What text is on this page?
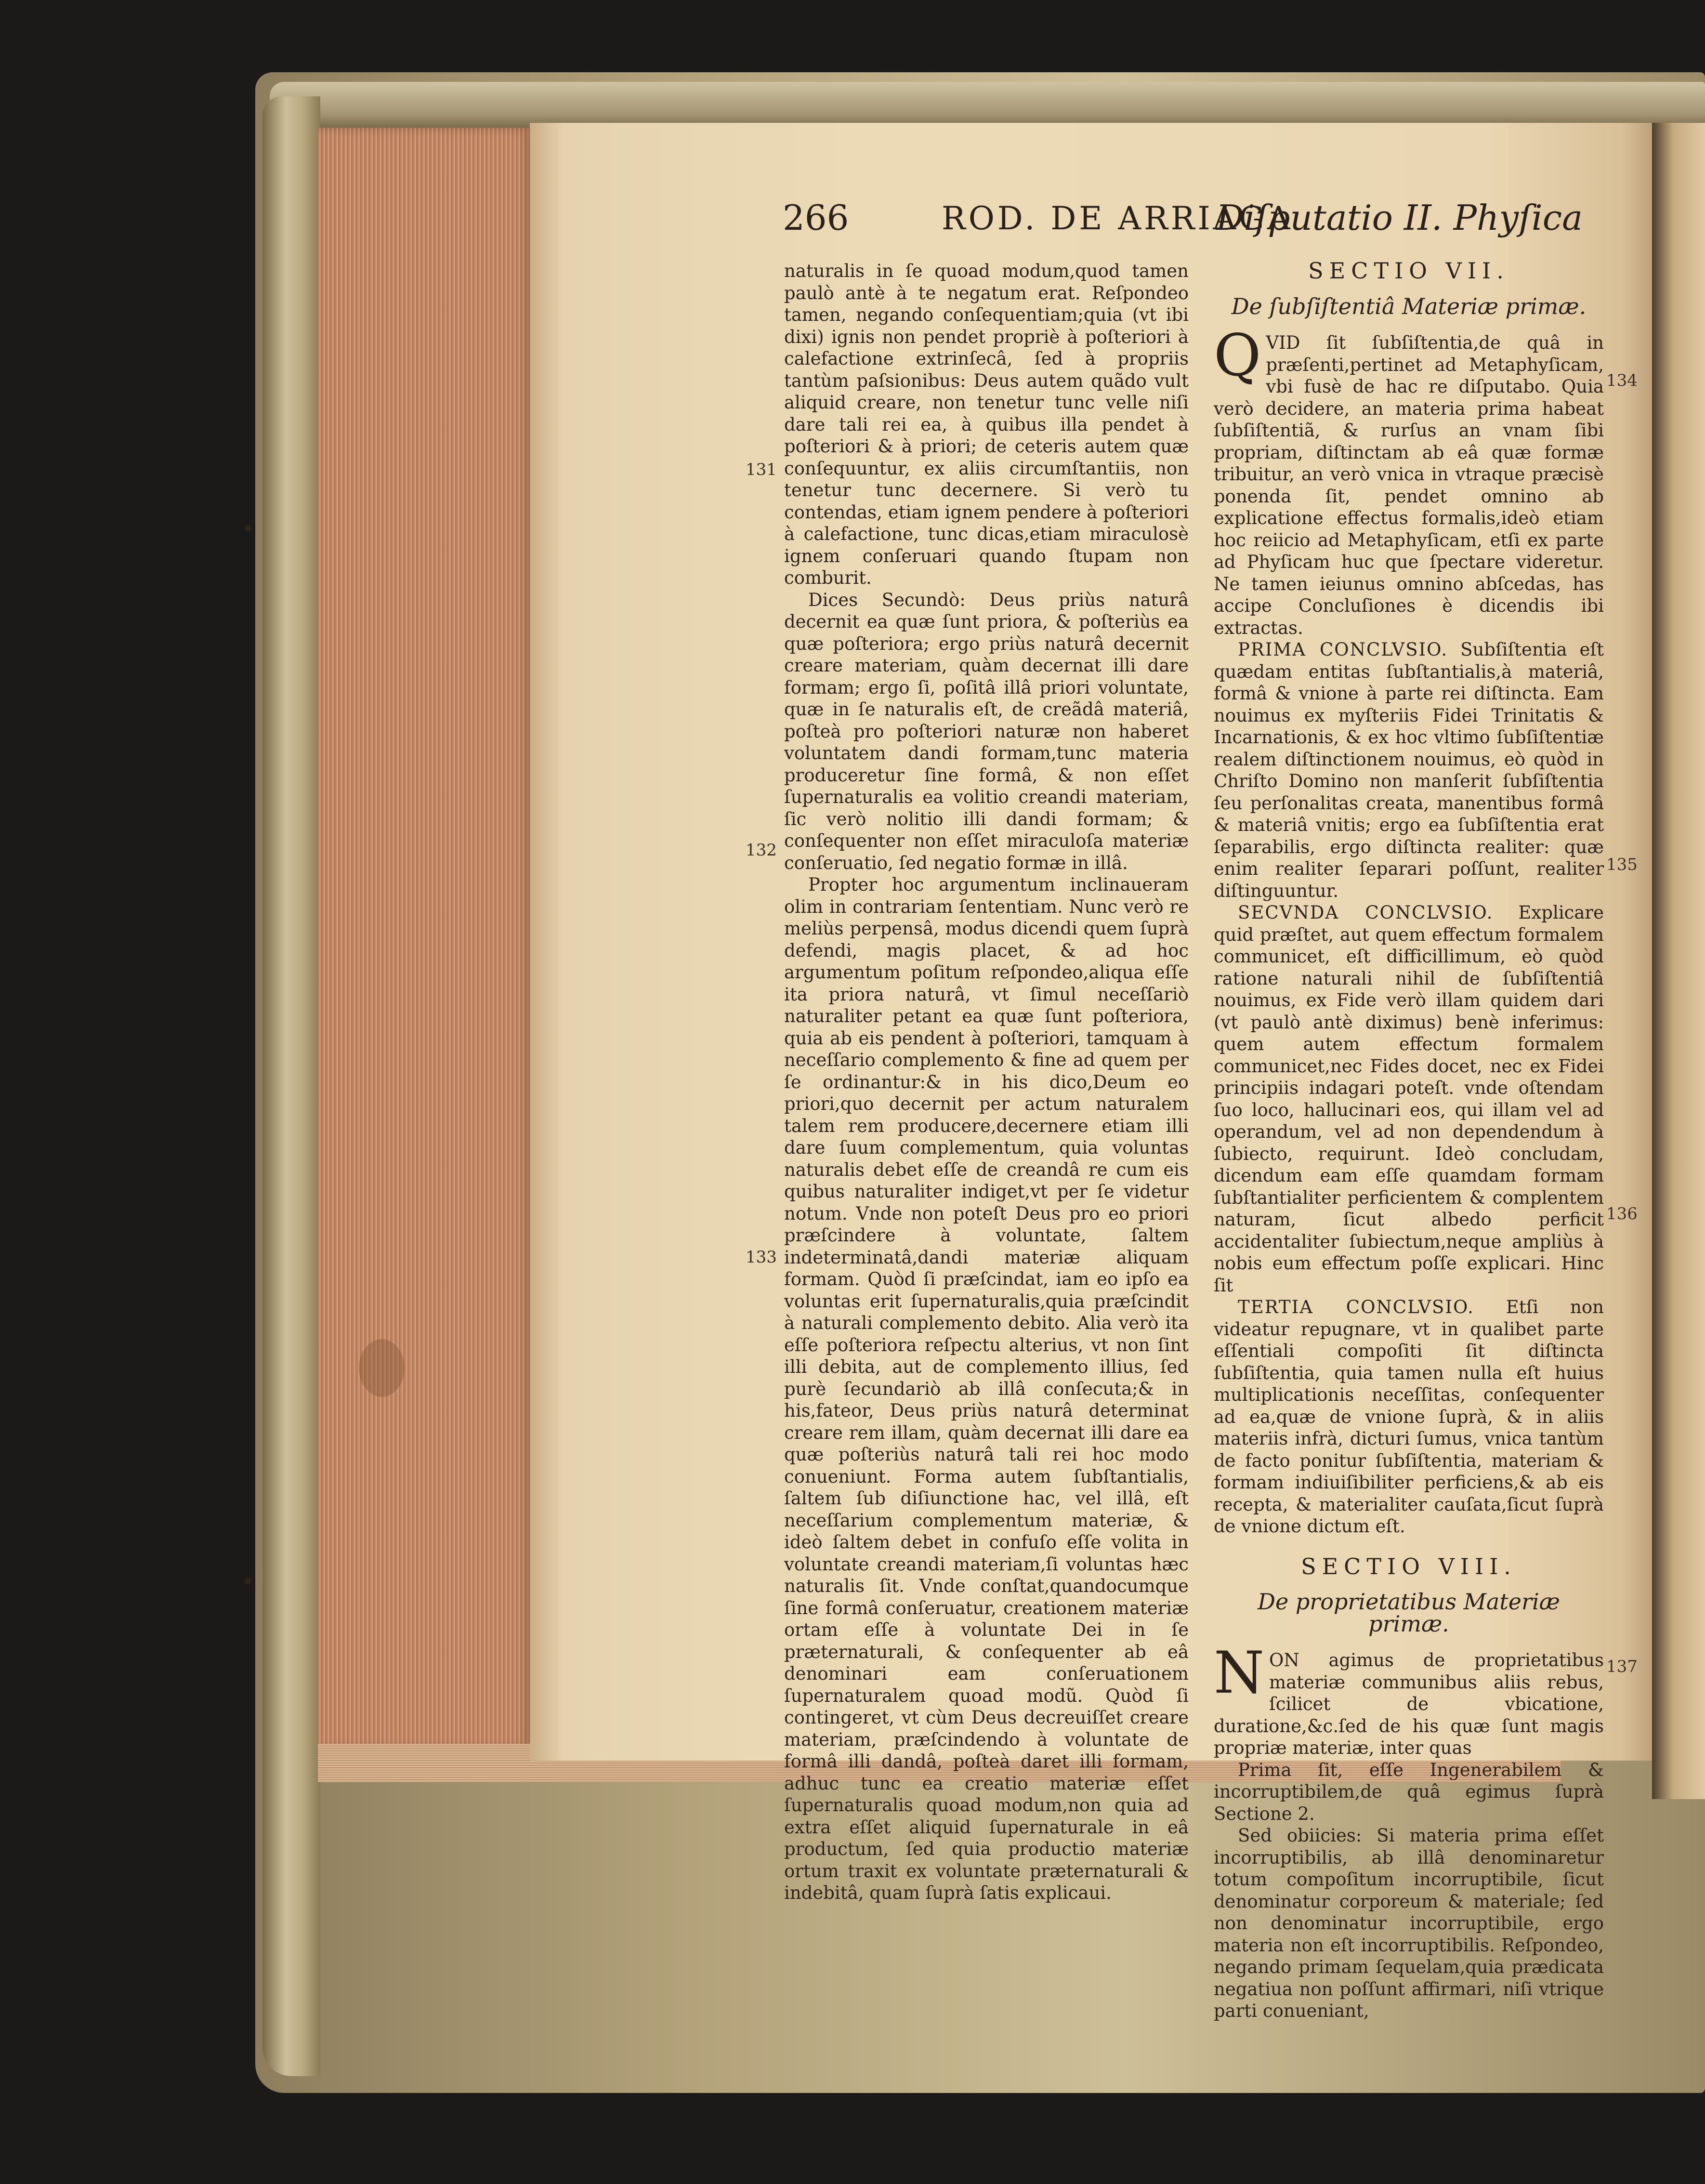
266	ROD. DE ARRIAGA
Diſputatio II. Phyſica
131
132
133
134
135
136
137

naturalis in ſe quoad modum,quod tamen paulò antè à te negatum erat. Reſpondeo tamen, negando conſequentiam;quia (vt ibi dixi) ignis non pendet propriè à poſteriori à calefactione extrinſecâ, ſed à propriis tantùm paſsionibus: Deus autem quãdo vult aliquid creare, non tenetur tunc velle niſi dare tali rei ea, à quibus illa pendet à poſteriori & à priori; de ceteris autem quæ conſequuntur, ex aliis circumſtantiis, non tenetur tunc decernere. Si verò tu contendas, etiam ignem pendere à poſteriori à calefactione, tunc dicas,etiam miraculosè ignem conſeruari quando ſtupam non comburit.

Dices Secundò: Deus priùs naturâ decernit ea quæ ſunt priora, & poſteriùs ea quæ poſteriora; ergo priùs naturâ decernit creare materiam, quàm decernat illi dare formam; ergo ſi, poſitâ illâ priori voluntate, quæ in ſe naturalis eſt, de creãdâ materiâ, poſteà pro poſteriori naturæ non haberet voluntatem dandi formam,tunc materia produceretur ſine formâ, & non eſſet ſupernaturalis ea volitio creandi materiam, ſic verò nolitio illi dandi formam; & conſequenter non eſſet miraculoſa materiæ conſeruatio, ſed negatio formæ in illâ.

Propter hoc argumentum inclinaueram olim in contrariam ſententiam. Nunc verò re meliùs perpensâ, modus dicendi quem ſuprà defendi, magis placet, & ad hoc argumentum poſitum reſpondeo,aliqua eſſe ita priora naturâ, vt ſimul neceſſariò naturaliter petant ea quæ ſunt poſteriora, quia ab eis pendent à poſteriori, tamquam à neceſſario complemento & fine ad quem per ſe ordinantur:& in his dico,Deum eo priori,quo decernit per actum naturalem talem rem producere,decernere etiam illi dare ſuum complementum, quia voluntas naturalis debet eſſe de creandâ re cum eis quibus naturaliter indiget,vt per ſe videtur notum. Vnde non poteſt Deus pro eo priori præſcindere à voluntate, ſaltem indeterminatâ,dandi materiæ aliquam formam. Quòd ſi præſcindat, iam eo ipſo ea voluntas erit ſupernaturalis,quia præſcindit à naturali complemento debito. Alia verò ita eſſe poſteriora reſpectu alterius, vt non ſint illi debita, aut de complemento illius, ſed purè ſecundariò ab illâ conſecuta;& in his,fateor, Deus priùs naturâ determinat creare rem illam, quàm decernat illi dare ea quæ poſteriùs naturâ tali rei hoc modo conueniunt. Forma autem ſubſtantialis, ſaltem ſub diſiunctione hac, vel illâ, eſt neceſſarium complementum materiæ, & ideò ſaltem debet in confuſo eſſe volita in voluntate creandi materiam,ſi voluntas hæc naturalis ſit. Vnde conſtat,quandocumque ſine formâ conſeruatur, creationem materiæ ortam eſſe à voluntate Dei in ſe præternaturali, & conſequenter ab eâ denominari eam conſeruationem ſupernaturalem quoad modũ. Quòd ſi contingeret, vt cùm Deus decreuiſſet creare materiam, præſcindendo à voluntate de formâ illi dandâ, poſteà daret illi formam, adhuc tunc ea creatio materiæ eſſet ſupernaturalis quoad modum,non quia ad extra eſſet aliquid ſupernaturale in eâ productum, ſed quia productio materiæ ortum traxit ex voluntate præternaturali & indebitâ, quam ſuprà ſatis explicaui.

SECTIO VII.
De ſubſiſtentiâ Materiæ primæ.

Q VID ſit ſubſiſtentia,de quâ in præſenti,pertinet ad Metaphyſicam, vbi fusè de hac re diſputabo. Quia verò decidere, an materia prima habeat ſubſiſtentiã, & rurſus an vnam ſibi propriam, diſtinctam ab eâ quæ formæ tribuitur, an verò vnica in vtraque præcisè ponenda ſit, pendet omnino ab explicatione effectus formalis,ideò etiam hoc reiicio ad Metaphyſicam, etſi ex parte ad Phyſicam huc que ſpectare videretur. Ne tamen ieiunus omnino abſcedas, has accipe Concluſiones è dicendis ibi extractas.

PRIMA CONCLVSIO. Subſiſtentia eſt quædam entitas ſubſtantialis,à materiâ, formâ & vnione à parte rei diſtincta. Eam nouimus ex myſteriis Fidei Trinitatis & Incarnationis, & ex hoc vltimo ſubſiſtentiæ realem diſtinctionem nouimus, eò quòd in Chriſto Domino non manſerit ſubſiſtentia ſeu perſonalitas creata, manentibus formâ & materiâ vnitis; ergo ea ſubſiſtentia erat ſeparabilis, ergo diſtincta realiter: quæ enim realiter ſeparari poſſunt, realiter diſtinguuntur.

SECVNDA CONCLVSIO. Explicare quid præſtet, aut quem effectum formalem communicet, eſt difficillimum, eò quòd ratione naturali nihil de ſubſiſtentiâ nouimus, ex Fide verò illam quidem dari (vt paulò antè diximus) benè inferimus: quem autem effectum formalem communicet,nec Fides docet, nec ex Fidei principiis indagari poteſt. vnde oſtendam ſuo loco, hallucinari eos, qui illam vel ad operandum, vel ad non dependendum à ſubiecto, requirunt. Ideò concludam, dicendum eam eſſe quamdam formam ſubſtantialiter perficientem & complentem naturam, ſicut albedo perficit accidentaliter ſubiectum,neque ampliùs à nobis eum effectum poſſe explicari. Hinc ſit

TERTIA CONCLVSIO. Etſi non videatur repugnare, vt in qualibet parte eſſentiali compoſiti ſit diſtincta ſubſiſtentia, quia tamen nulla eſt huius multiplicationis neceſſitas, conſequenter ad ea,quæ de vnione ſuprà, & in aliis materiis infrà, dicturi ſumus, vnica tantùm de facto ponitur ſubſiſtentia, materiam & formam indiuiſibiliter perficiens,& ab eis recepta, & materialiter cauſata,ſicut ſuprà de vnione dictum eſt.

SECTIO VIII.
De proprietatibus Materiæ primæ.

N ON agimus de proprietatibus materiæ communibus aliis rebus, ſcilicet de vbicatione, duratione,&c.ſed de his quæ ſunt magis propriæ materiæ, inter quas

Prima ſit, eſſe Ingenerabilem & incorruptibilem,de quâ egimus ſuprà Sectione 2.

Sed obiicies: Si materia prima eſſet incorruptibilis, ab illâ denominaretur totum compoſitum incorruptibile, ſicut denominatur corporeum & materiale; ſed non denominatur incorruptibile, ergo materia non eſt incorruptibilis. Reſpondeo, negando primam ſequelam,quia prædicata negatiua non poſſunt affirmari, niſi vtrique parti conueniant,
